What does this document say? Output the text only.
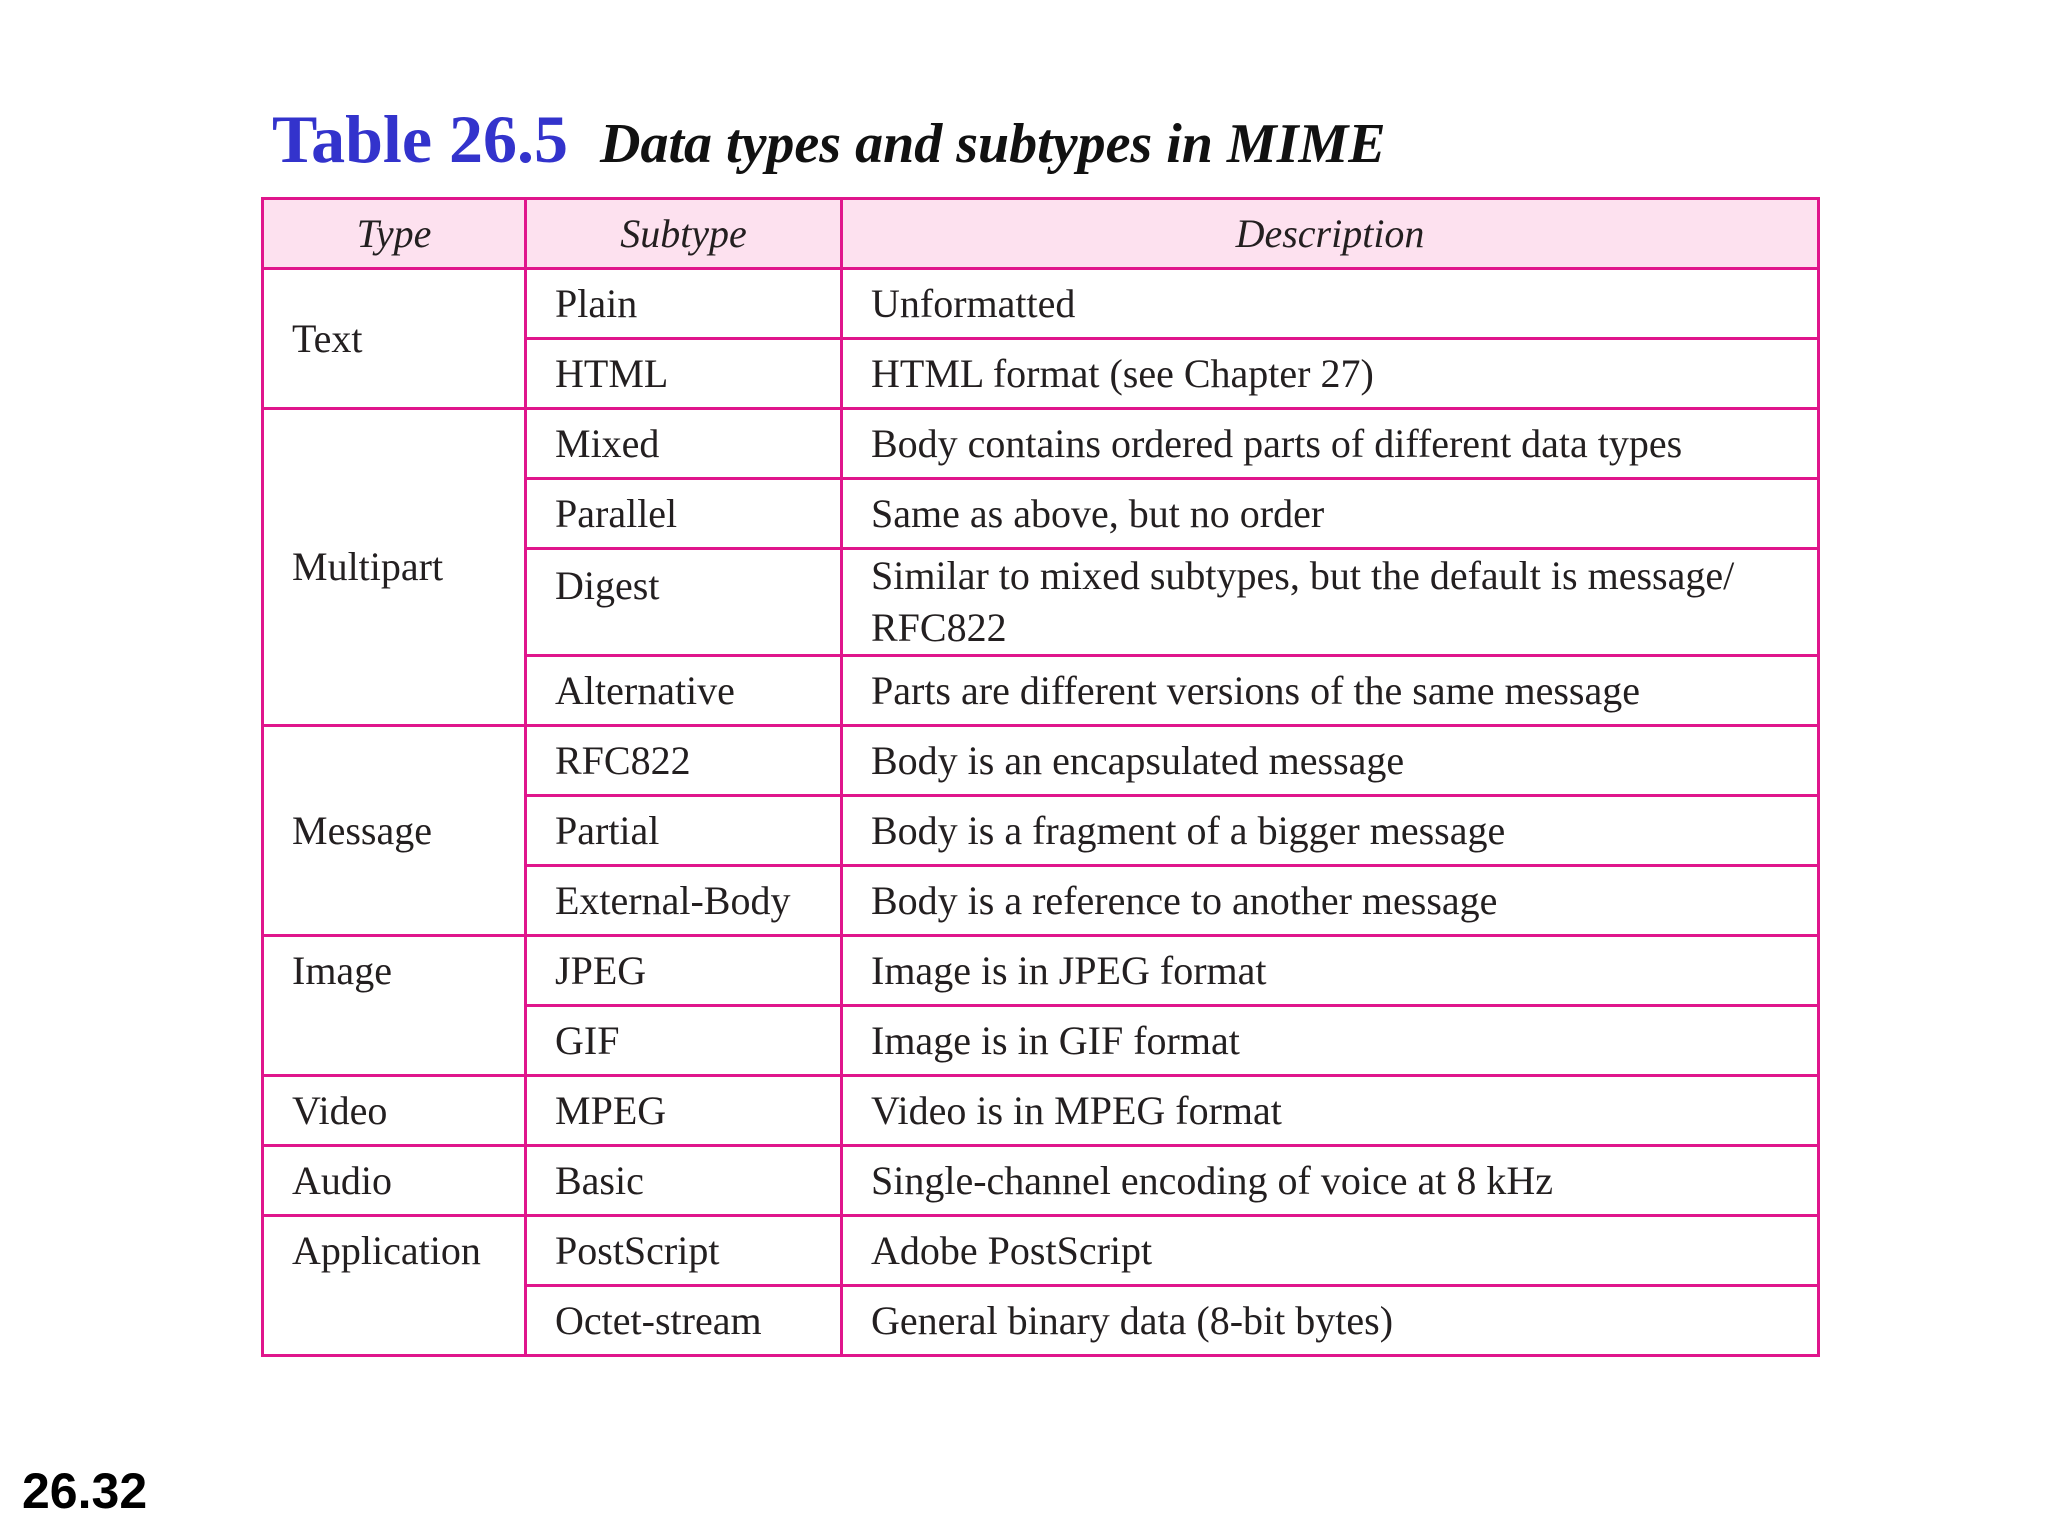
Table 26.5 Data types and subtypes in MIME
Type	Subtype	Description
Text	Plain	Unformatted
	HTML	HTML format (see Chapter 27)
Multipart	Mixed	Body contains ordered parts of different data types
	Parallel	Same as above, but no order
	Digest	Similar to mixed subtypes, but the default is message/ RFC822
	Alternative	Parts are different versions of the same message
Message	RFC822	Body is an encapsulated message
	Partial	Body is a fragment of a bigger message
	External-Body	Body is a reference to another message
Image	JPEG	Image is in JPEG format
	GIF	Image is in GIF format
Video	MPEG	Video is in MPEG format
Audio	Basic	Single-channel encoding of voice at 8 kHz
Application	PostScript	Adobe PostScript
	Octet-stream	General binary data (8-bit bytes)
26.32
